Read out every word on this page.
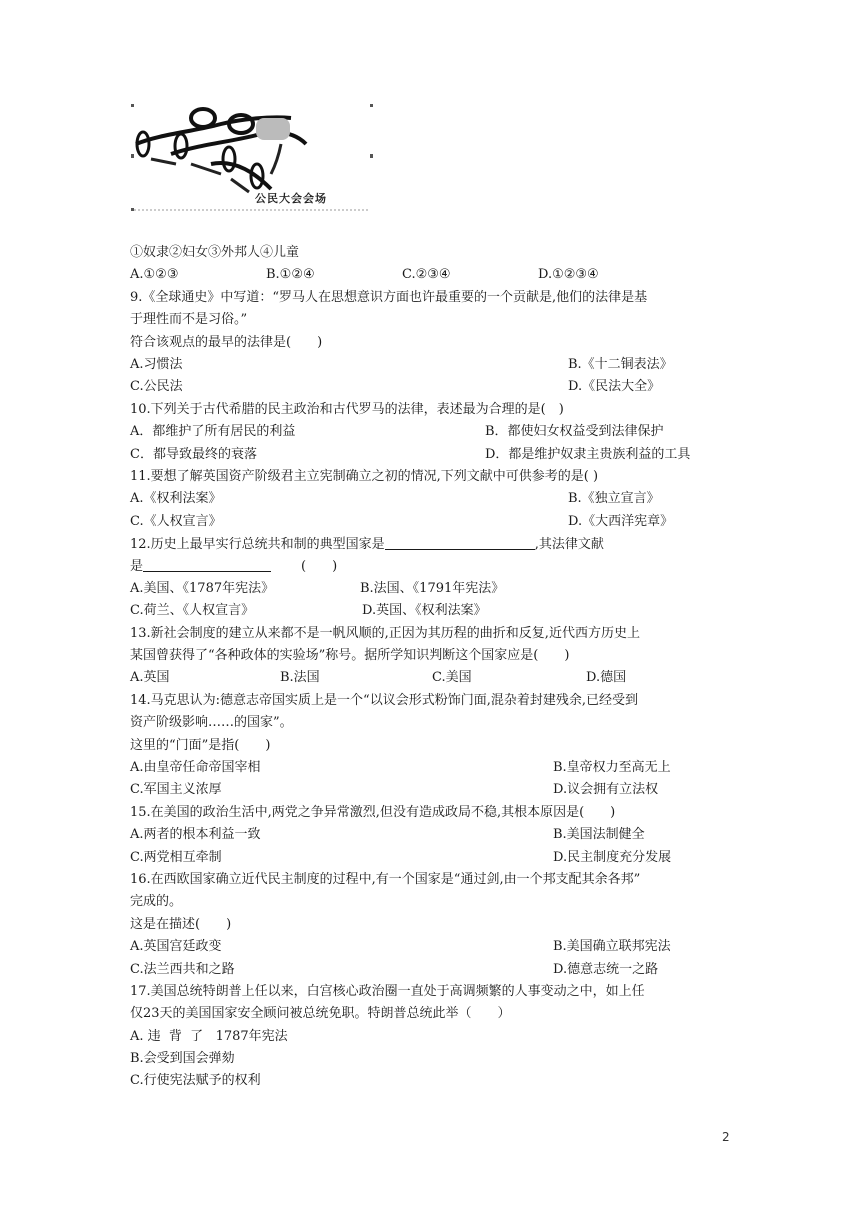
公民大会会场
①奴隶②妇女③外邦人④儿童
A.①②③	B.①②④	C.②③④	D.①②③④
9.《全球通史》中写道：“罗马人在思想意识方面也许最重要的一个贡献是,他们的法律是基
于理性而不是习俗。”
符合该观点的最早的法律是(　　)
A.习惯法	B.《十二铜表法》
C.公民法	D.《民法大全》
10.下列关于古代希腊的民主政治和古代罗马的法律，表述最为合理的是(　)
A．都维护了所有居民的利益	B．都使妇女权益受到法律保护
C．都导致最终的衰落	D．都是维护奴隶主贵族利益的工具
11.要想了解英国资产阶级君主立宪制确立之初的情况,下列文献中可供参考的是( )
A.《权利法案》	B.《独立宣言》
C.《人权宣言》	D.《大西洋宪章》
12.历史上最早实行总统共和制的典型国家是	,其法律文献
是	(　　)
A.美国、《1787年宪法》	B.法国、《1791年宪法》
C.荷兰、《人权宣言》	D.英国、《权利法案》
13.新社会制度的建立从来都不是一帆风顺的,正因为其历程的曲折和反复,近代西方历史上
某国曾获得了“各种政体的实验场”称号。据所学知识判断这个国家应是(　　)
A.英国	B.法国	C.美国	D.德国
14.马克思认为:德意志帝国实质上是一个“以议会形式粉饰门面,混杂着封建残余,已经受到
资产阶级影响……的国家”。
这里的“门面”是指(　　)
A.由皇帝任命帝国宰相	B.皇帝权力至高无上
C.军国主义浓厚	D.议会拥有立法权
15.在美国的政治生活中,两党之争异常激烈,但没有造成政局不稳,其根本原因是(　　)
A.两者的根本利益一致	B.美国法制健全
C.两党相互牵制	D.民主制度充分发展
16.在西欧国家确立近代民主制度的过程中,有一个国家是“通过剑,由一个邦支配其余各邦”
完成的。
这是在描述(　　)
A.英国宫廷政变	B.美国确立联邦宪法
C.法兰西共和之路	D.德意志统一之路
17.美国总统特朗普上任以来，白宫核心政治圈一直处于高调频繁的人事变动之中，如上任
仅23天的美国国家安全顾问被总统免职。特朗普总统此举（　　）
A. 违  背  了   1787年宪法
B.会受到国会弹劾
C.行使宪法赋予的权利
2
